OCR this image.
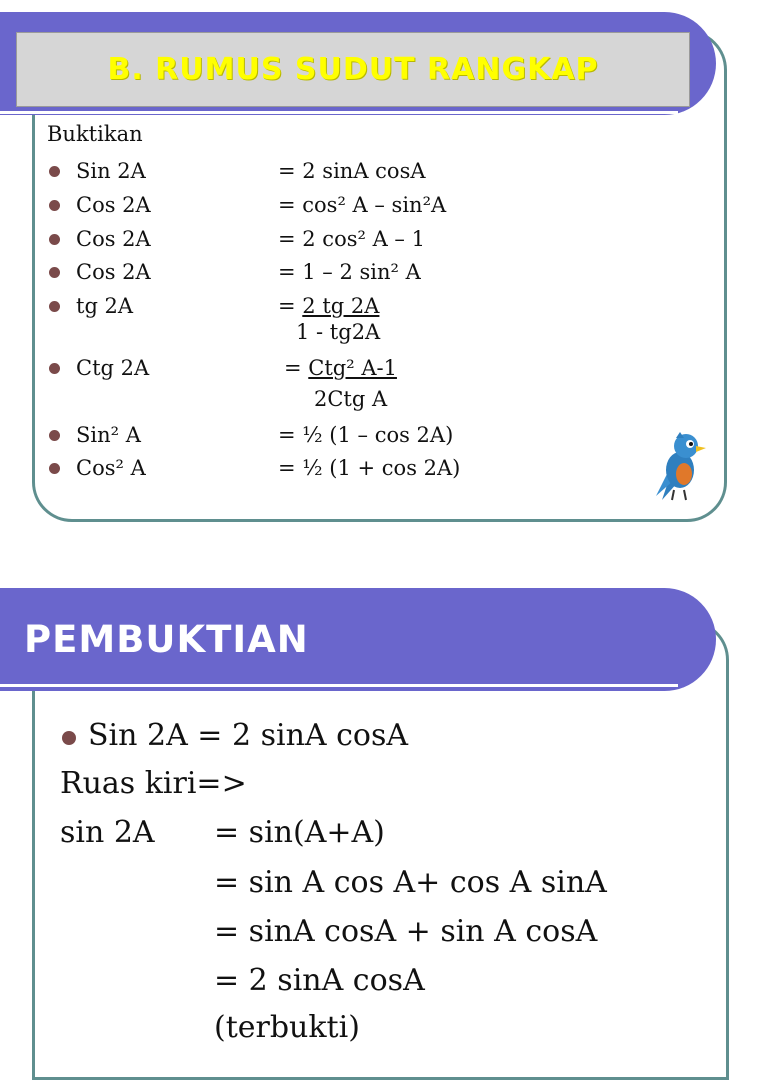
B. RUMUS SUDUT RANGKAP
Buktikan
Sin 2A	= 2 sinA cosA
Cos 2A	= cos² A – sin²A
Cos 2A	= 2 cos² A – 1
Cos 2A	= 1 – 2 sin² A
tg 2A	= 2 tg 2A
1 - tg2A
Ctg 2A	= Ctg² A-1
2Ctg A
Sin² A	= ½ (1 – cos 2A)
Cos² A	= ½ (1 + cos 2A)
PEMBUKTIAN
Sin 2A = 2 sinA cosA
Ruas kiri=>
sin 2A = sin(A+A)
= sin A cos A+ cos A sinA
= sinA cosA + sin A cosA
= 2 sinA cosA
(terbukti)
